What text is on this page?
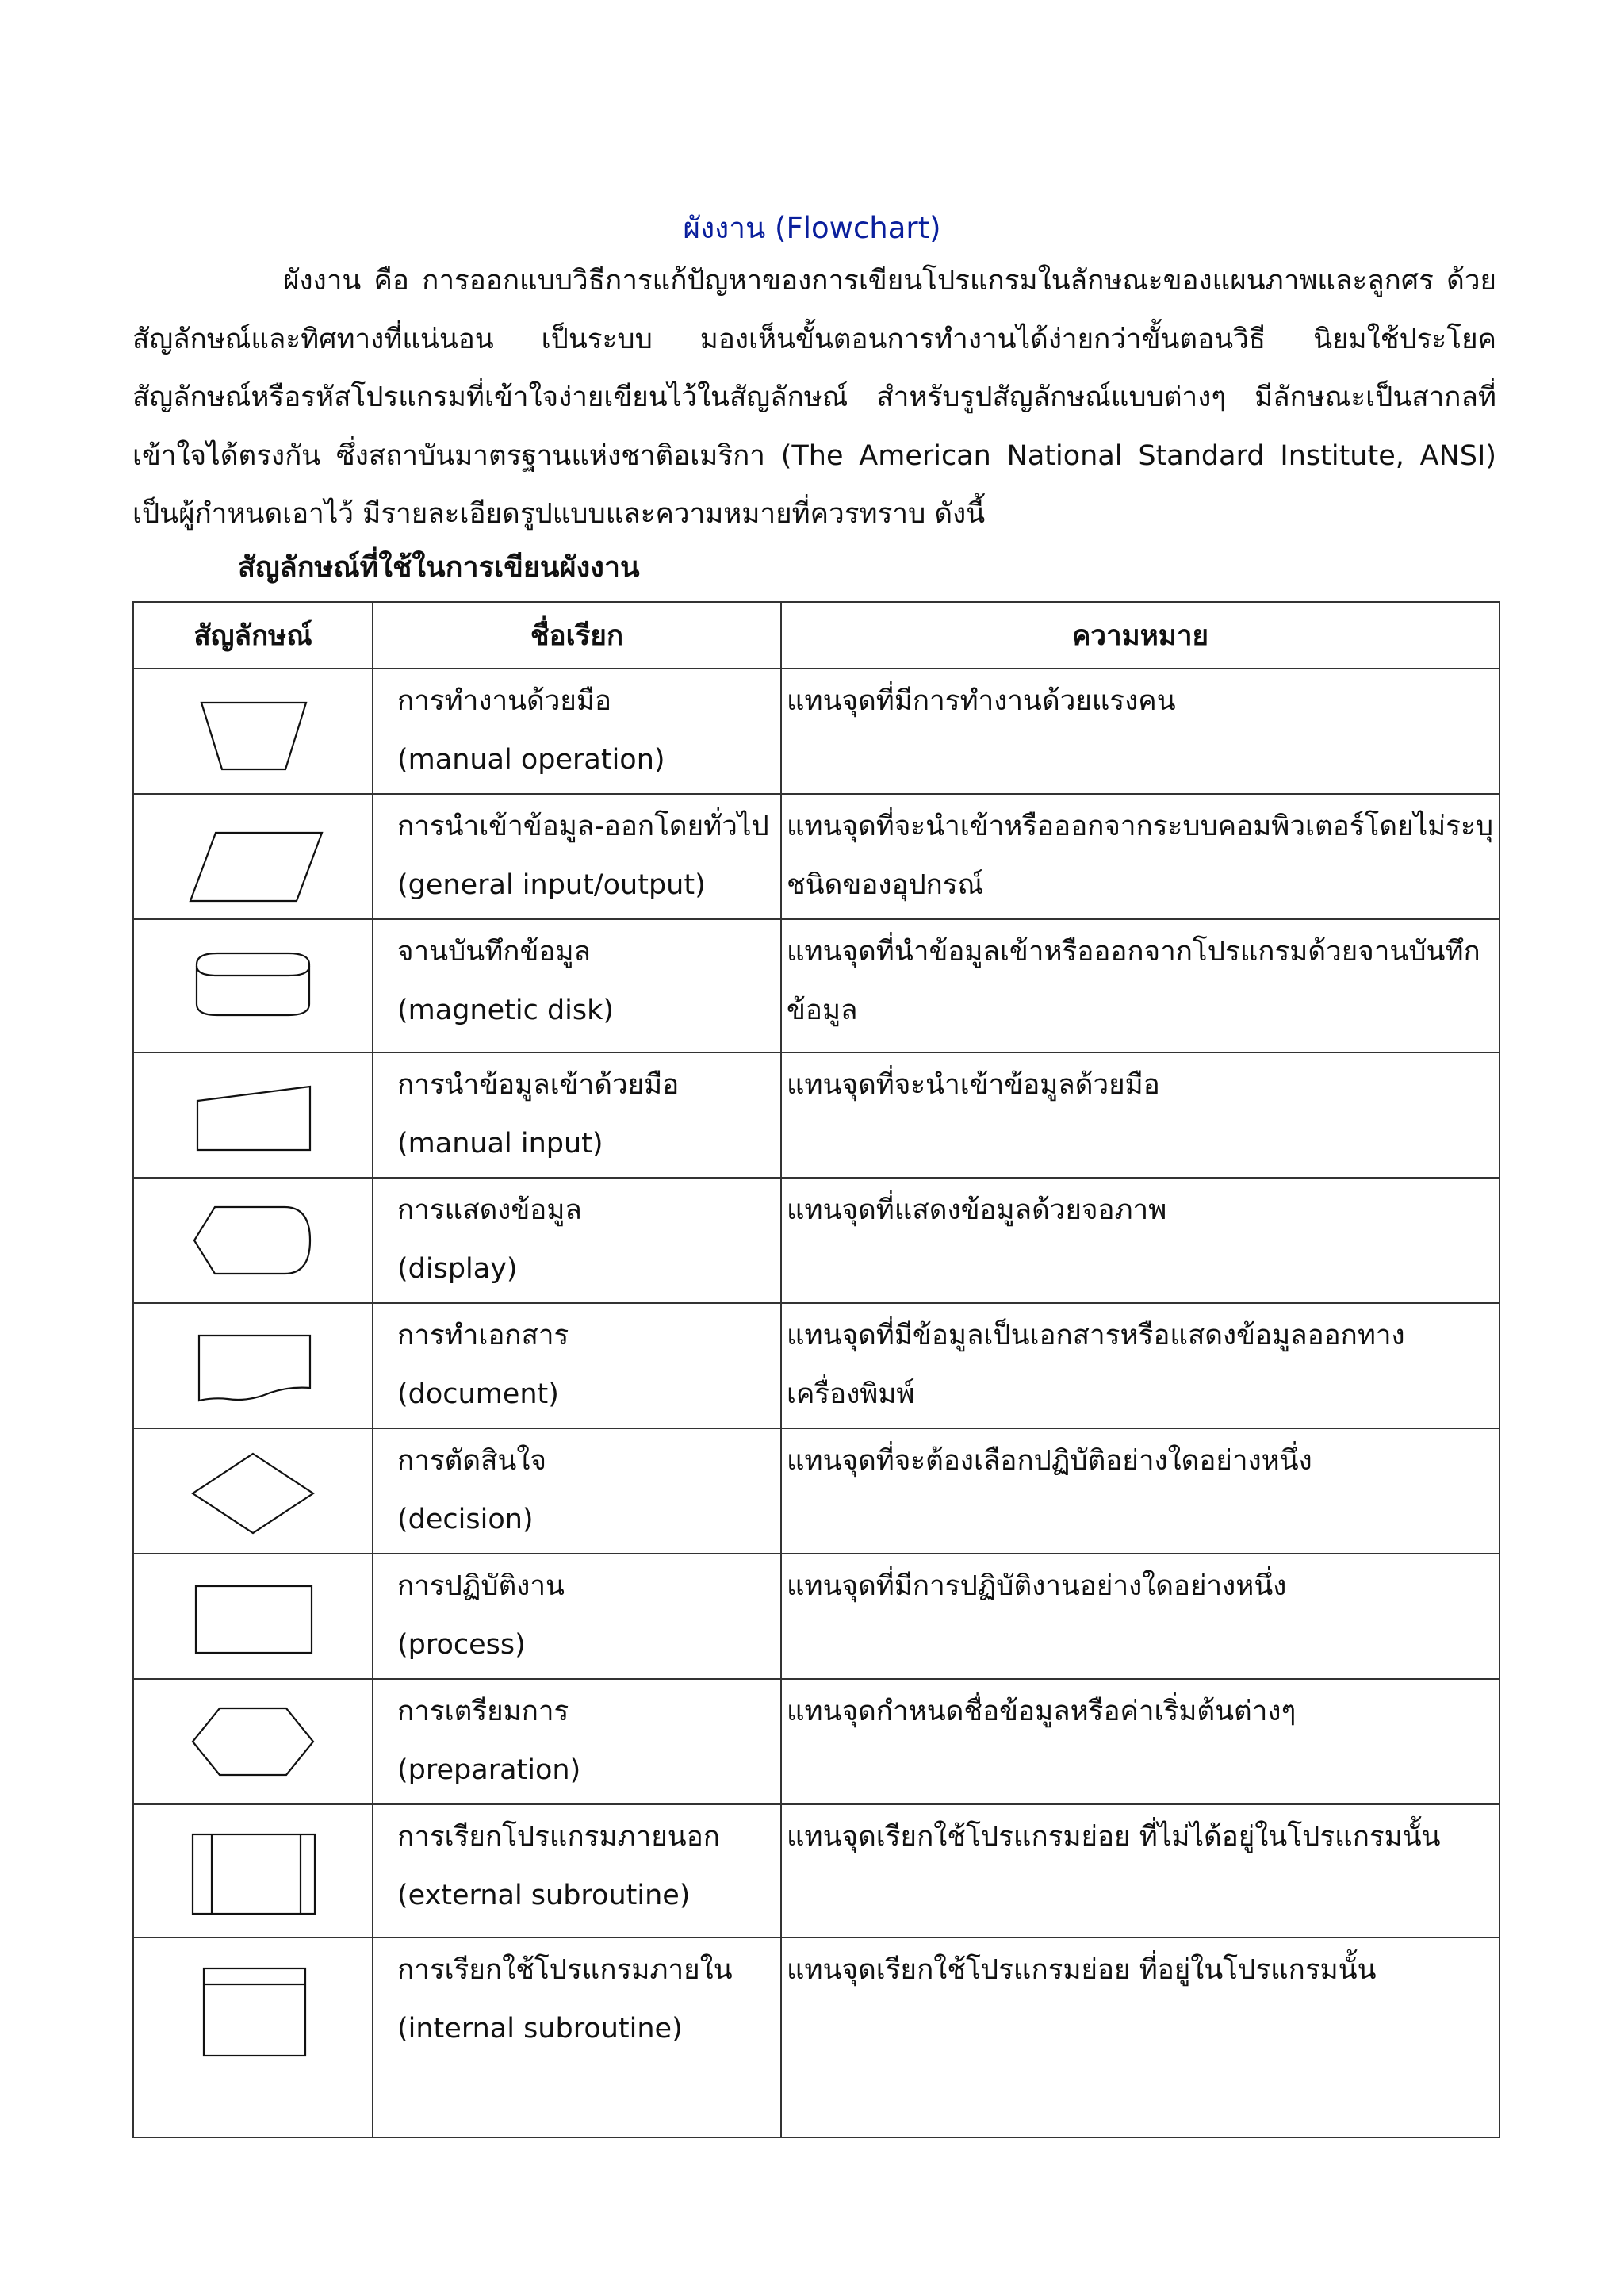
ผังงาน (Flowchart)

ผังงาน คือ การออกแบบวิธีการแก้ปัญหาของการเขียนโปรแกรมในลักษณะของแผนภาพและลูกศร ด้วยสัญลักษณ์และทิศทางที่แน่นอน เป็นระบบ มองเห็นขั้นตอนการทำงานได้ง่ายกว่าขั้นตอนวิธี นิยมใช้ประโยคสัญลักษณ์หรือรหัสโปรแกรมที่เข้าใจง่ายเขียนไว้ในสัญลักษณ์ สำหรับรูปสัญลักษณ์แบบต่างๆ มีลักษณะเป็นสากลที่เข้าใจได้ตรงกัน ซึ่งสถาบันมาตรฐานแห่งชาติอเมริกา (The American National Standard Institute, ANSI) เป็นผู้กำหนดเอาไว้ มีรายละเอียดรูปแบบและความหมายที่ควรทราบ ดังนี้

สัญลักษณ์ที่ใช้ในการเขียนผังงาน
สัญลักษณ์	ชื่อเรียก	ความหมาย

การทำงานด้วยมือ
(manual operation)	แทนจุดที่มีการทำงานด้วยแรงคน

การนำเข้าข้อมูล-ออกโดยทั่วไป
(general input/output)	แทนจุดที่จะนำเข้าหรือออกจากระบบคอมพิวเตอร์โดยไม่ระบุชนิดของอุปกรณ์

จานบันทึกข้อมูล
(magnetic disk)	แทนจุดที่นำข้อมูลเข้าหรือออกจากโปรแกรมด้วยจานบันทึกข้อมูล

การนำข้อมูลเข้าด้วยมือ
(manual input)	แทนจุดที่จะนำเข้าข้อมูลด้วยมือ

การแสดงข้อมูล
(display)	แทนจุดที่แสดงข้อมูลด้วยจอภาพ

การทำเอกสาร
(document)	แทนจุดที่มีข้อมูลเป็นเอกสารหรือแสดงข้อมูลออกทางเครื่องพิมพ์

การตัดสินใจ
(decision)	แทนจุดที่จะต้องเลือกปฏิบัติอย่างใดอย่างหนึ่ง

การปฏิบัติงาน
(process)	แทนจุดที่มีการปฏิบัติงานอย่างใดอย่างหนึ่ง

การเตรียมการ
(preparation)	แทนจุดกำหนดชื่อข้อมูลหรือค่าเริ่มต้นต่างๆ

การเรียกโปรแกรมภายนอก
(external subroutine)	แทนจุดเรียกใช้โปรแกรมย่อย ที่ไม่ได้อยู่ในโปรแกรมนั้น

การเรียกใช้โปรแกรมภายใน
(internal subroutine)	แทนจุดเรียกใช้โปรแกรมย่อย ที่อยู่ในโปรแกรมนั้น
